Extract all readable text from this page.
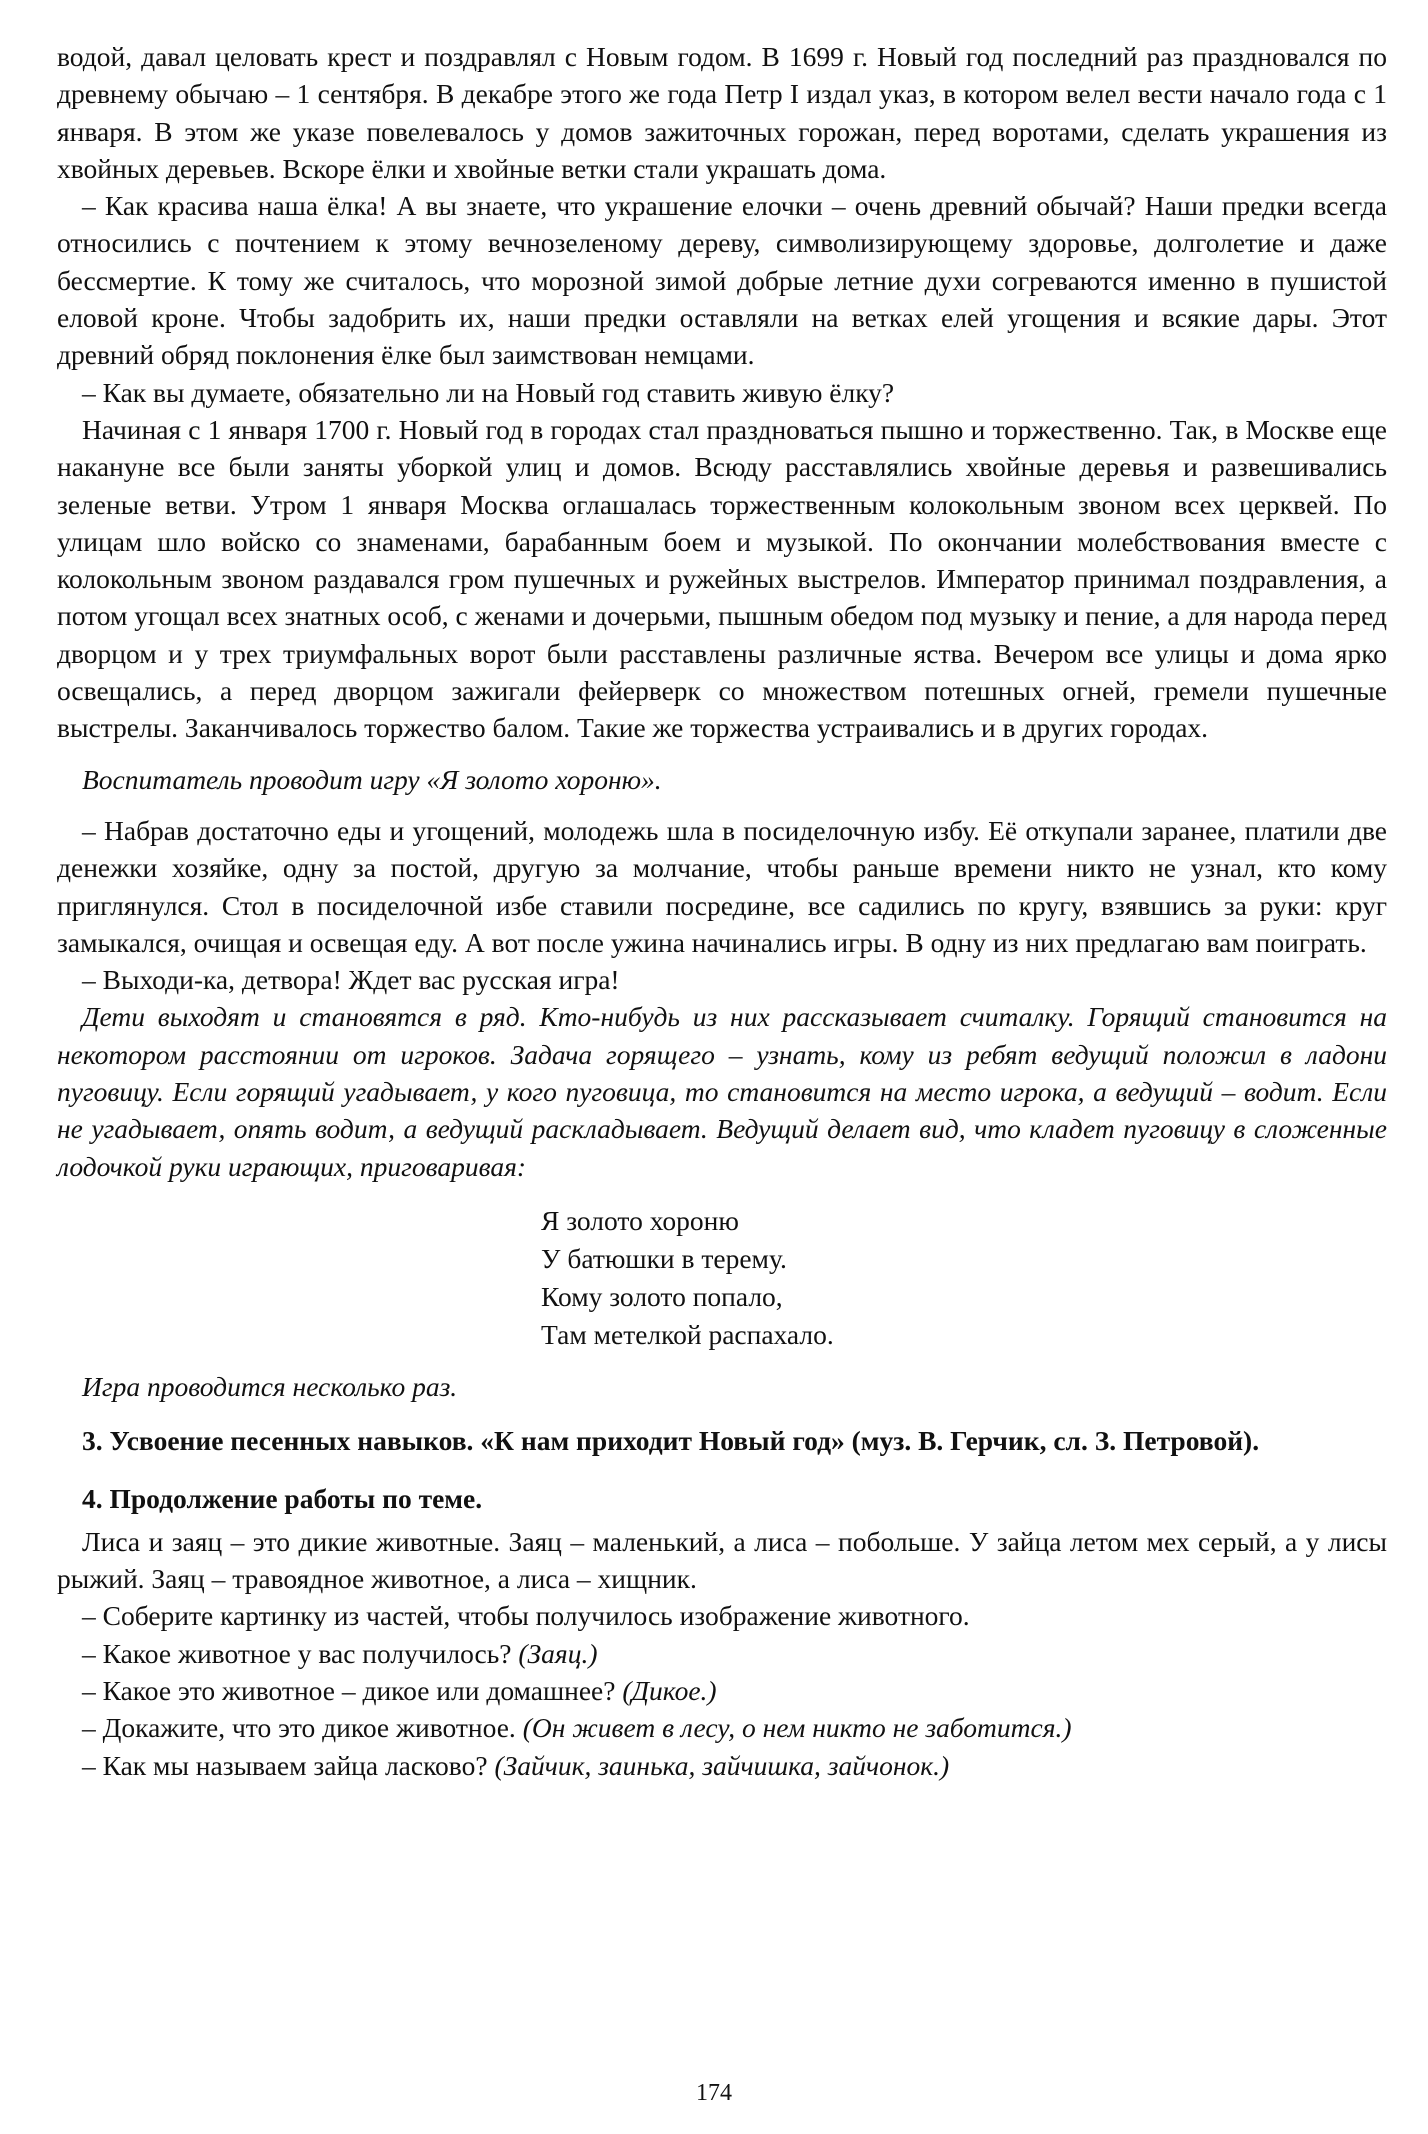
водой, давал целовать крест и поздравлял с Новым годом. В 1699 г. Новый год последний раз праздновался по древнему обычаю – 1 сентября. В декабре этого же года Петр I издал указ, в котором велел вести начало года с 1 января. В этом же указе повелевалось у домов зажиточных горожан, перед воротами, сделать украшения из хвойных деревьев. Вскоре ёлки и хвойные ветки стали украшать дома.

– Как красива наша ёлка! А вы знаете, что украшение елочки – очень древний обычай? Наши предки всегда относились с почтением к этому вечнозеленому дереву, символизирующему здоровье, долголетие и даже бессмертие. К тому же считалось, что морозной зимой добрые летние духи согреваются именно в пушистой еловой кроне. Чтобы задобрить их, наши предки оставляли на ветках елей угощения и всякие дары. Этот древний обряд поклонения ёлке был заимствован немцами.

– Как вы думаете, обязательно ли на Новый год ставить живую ёлку?

Начиная с 1 января 1700 г. Новый год в городах стал праздноваться пышно и торжественно. Так, в Москве еще накануне все были заняты уборкой улиц и домов. Всюду расставлялись хвойные деревья и развешивались зеленые ветви. Утром 1 января Москва оглашалась торжественным колокольным звоном всех церквей. По улицам шло войско со знаменами, барабанным боем и музыкой. По окончании молебствования вместе с колокольным звоном раздавался гром пушечных и ружейных выстрелов. Император принимал поздравления, а потом угощал всех знатных особ, с женами и дочерьми, пышным обедом под музыку и пение, а для народа перед дворцом и у трех триумфальных ворот были расставлены различные яства. Вечером все улицы и дома ярко освещались, а перед дворцом зажигали фейерверк со множеством потешных огней, гремели пушечные выстрелы. Заканчивалось торжество балом. Такие же торжества устраивались и в других городах.

Воспитатель проводит игру «Я золото хороню».

– Набрав достаточно еды и угощений, молодежь шла в посиделочную избу. Её откупали заранее, платили две денежки хозяйке, одну за постой, другую за молчание, чтобы раньше времени никто не узнал, кто кому приглянулся. Стол в посиделочной избе ставили посредине, все садились по кругу, взявшись за руки: круг замыкался, очищая и освещая еду. А вот после ужина начинались игры. В одну из них предлагаю вам поиграть.

– Выходи-ка, детвора! Ждет вас русская игра!

Дети выходят и становятся в ряд. Кто-нибудь из них рассказывает считалку. Горящий становится на некотором расстоянии от игроков. Задача горящего – узнать, кому из ребят ведущий положил в ладони пуговицу. Если горящий угадывает, у кого пуговица, то становится на место игрока, а ведущий – водит. Если не угадывает, опять водит, а ведущий раскладывает. Ведущий делает вид, что кладет пуговицу в сложенные лодочкой руки играющих, приговаривая:

Я золото хороню
У батюшки в терему.
Кому золото попало,
Там метелкой распахало.

Игра проводится несколько раз.

3. Усвоение песенных навыков. «К нам приходит Новый год» (муз. В. Герчик, сл. З. Петровой).

4. Продолжение работы по теме.

Лиса и заяц – это дикие животные. Заяц – маленький, а лиса – побольше. У зайца летом мех серый, а у лисы рыжий. Заяц – травоядное животное, а лиса – хищник.

– Соберите картинку из частей, чтобы получилось изображение животного.

– Какое животное у вас получилось? (Заяц.)

– Какое это животное – дикое или домашнее? (Дикое.)

– Докажите, что это дикое животное. (Он живет в лесу, о нем никто не заботится.)

– Как мы называем зайца ласково? (Зайчик, заинька, зайчишка, зайчонок.)

174
